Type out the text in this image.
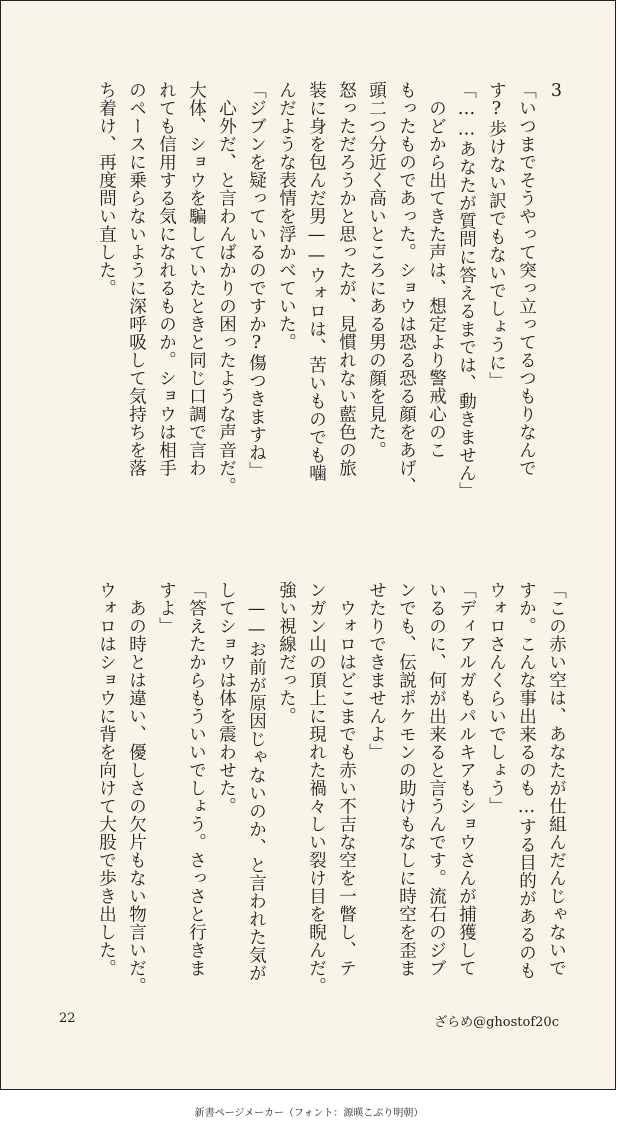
3
「いつまでそうやって突っ立ってるつもりなんで
す?歩けない訳でもないでしょうに」
「……あなたが質問に答えるまでは、動きません」
のどから出てきた声は、想定より警戒心のこ
もったものであった。ショウは恐る恐る顔をあげ、
頭二つ分近く高いところにある男の顔を見た。
怒っただろうかと思ったが、見慣れない藍色の旅
装に身を包んだ男——ウォロは、苦いものでも噛
んだような表情を浮かべていた。
「ジブンを疑っているのですか?傷つきますね」
心外だ、と言わんばかりの困ったような声音だ。
大体、ショウを騙していたときと同じ口調で言わ
れても信用する気になれるものか。ショウは相手
のペースに乗らないように深呼吸して気持ちを落
ち着け、再度問い直した。
「この赤い空は、あなたが仕組んだんじゃないで
すか。こんな事出来るのも…する目的があるのも
ウォロさんくらいでしょう」
「ディアルガもパルキアもショウさんが捕獲して
いるのに、何が出来ると言うんです。流石のジブ
ンでも、伝説ポケモンの助けもなしに時空を歪ま
せたりできませんよ」
ウォロはどこまでも赤い不吉な空を一瞥し、テ
ンガン山の頂上に現れた禍々しい裂け目を睨んだ。
強い視線だった。
——お前が原因じゃないのか、と言われた気が
してショウは体を震わせた。
「答えたからもういいでしょう。さっさと行きま
すよ」
あの時とは違い、優しさの欠片もない物言いだ。
ウォロはショウに背を向けて大股で歩き出した。
22	ざらめ@ghostof20c
新書ページメーカー（フォント：源暎こぶり明朝）
